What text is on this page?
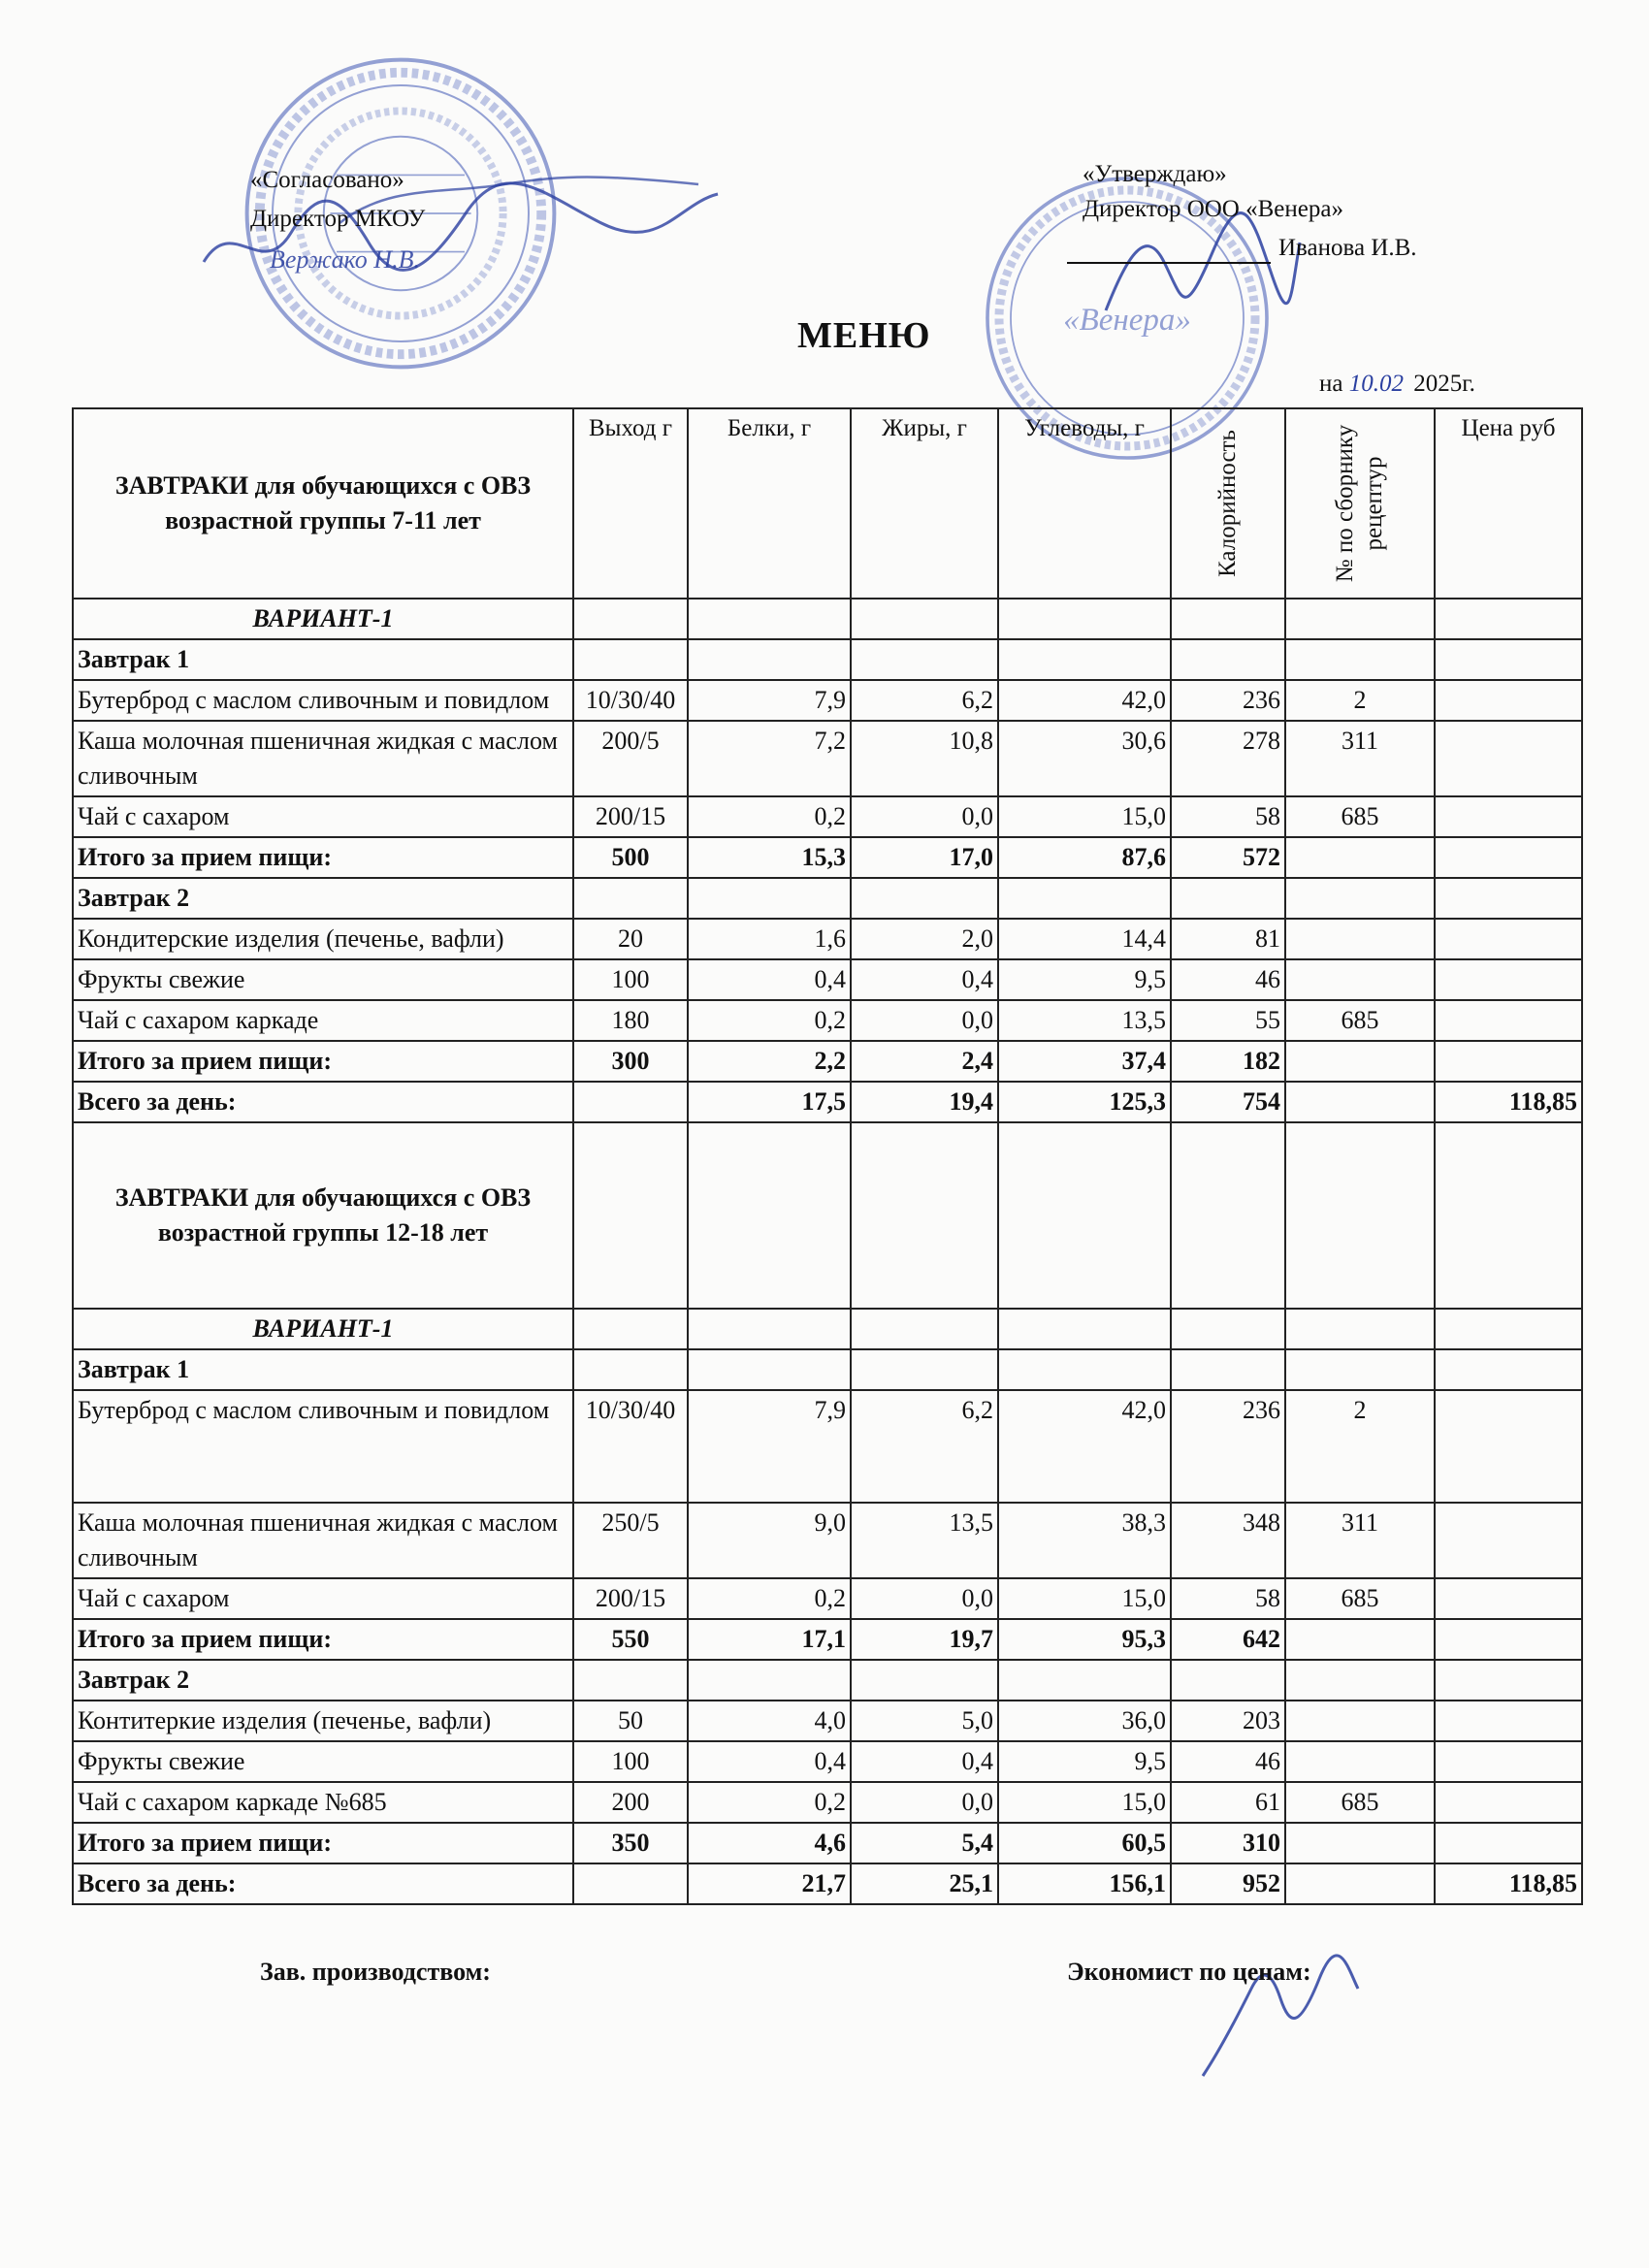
«Венера»
«Согласовано»
Директор МКОУ
Вержако Н.В.
«Утверждаю»
Директор ООО «Венера»
Иванова И.В.
МЕНЮ
на 10.02 2025г.
ЗАВТРАКИ для обучающихся с ОВЗ возрастной группы 7-11 лет	Выход г	Белки, г	Жиры, г	Углеводы, г	Калорийность	№ по сборнику рецептур	Цена руб
ВАРИАНТ-1							
Завтрак 1							
Бутерброд с маслом сливочным и повидлом	10/30/40	7,9	6,2	42,0	236	2	
Каша молочная пшеничная жидкая с маслом сливочным	200/5	7,2	10,8	30,6	278	311	
Чай с сахаром	200/15	0,2	0,0	15,0	58	685	
Итого за прием пищи:	500	15,3	17,0	87,6	572		
Завтрак 2							
Кондитерские изделия (печенье, вафли)	20	1,6	2,0	14,4	81		
Фрукты свежие	100	0,4	0,4	9,5	46		
Чай с сахаром каркаде	180	0,2	0,0	13,5	55	685	
Итого за прием пищи:	300	2,2	2,4	37,4	182		
Всего за день:		17,5	19,4	125,3	754		118,85
ЗАВТРАКИ для обучающихся с ОВЗ возрастной группы 12-18 лет							
ВАРИАНТ-1							
Завтрак 1							
Бутерброд с маслом сливочным и повидлом	10/30/40	7,9	6,2	42,0	236	2	
Каша молочная пшеничная жидкая с маслом сливочным	250/5	9,0	13,5	38,3	348	311	
Чай с сахаром	200/15	0,2	0,0	15,0	58	685	
Итого за прием пищи:	550	17,1	19,7	95,3	642		
Завтрак 2							
Контитеркие изделия (печенье, вафли)	50	4,0	5,0	36,0	203		
Фрукты свежие	100	0,4	0,4	9,5	46		
Чай с сахаром каркаде №685	200	0,2	0,0	15,0	61	685	
Итого за прием пищи:	350	4,6	5,4	60,5	310		
Всего за день:		21,7	25,1	156,1	952		118,85
Зав. производством:	Экономист по ценам:
